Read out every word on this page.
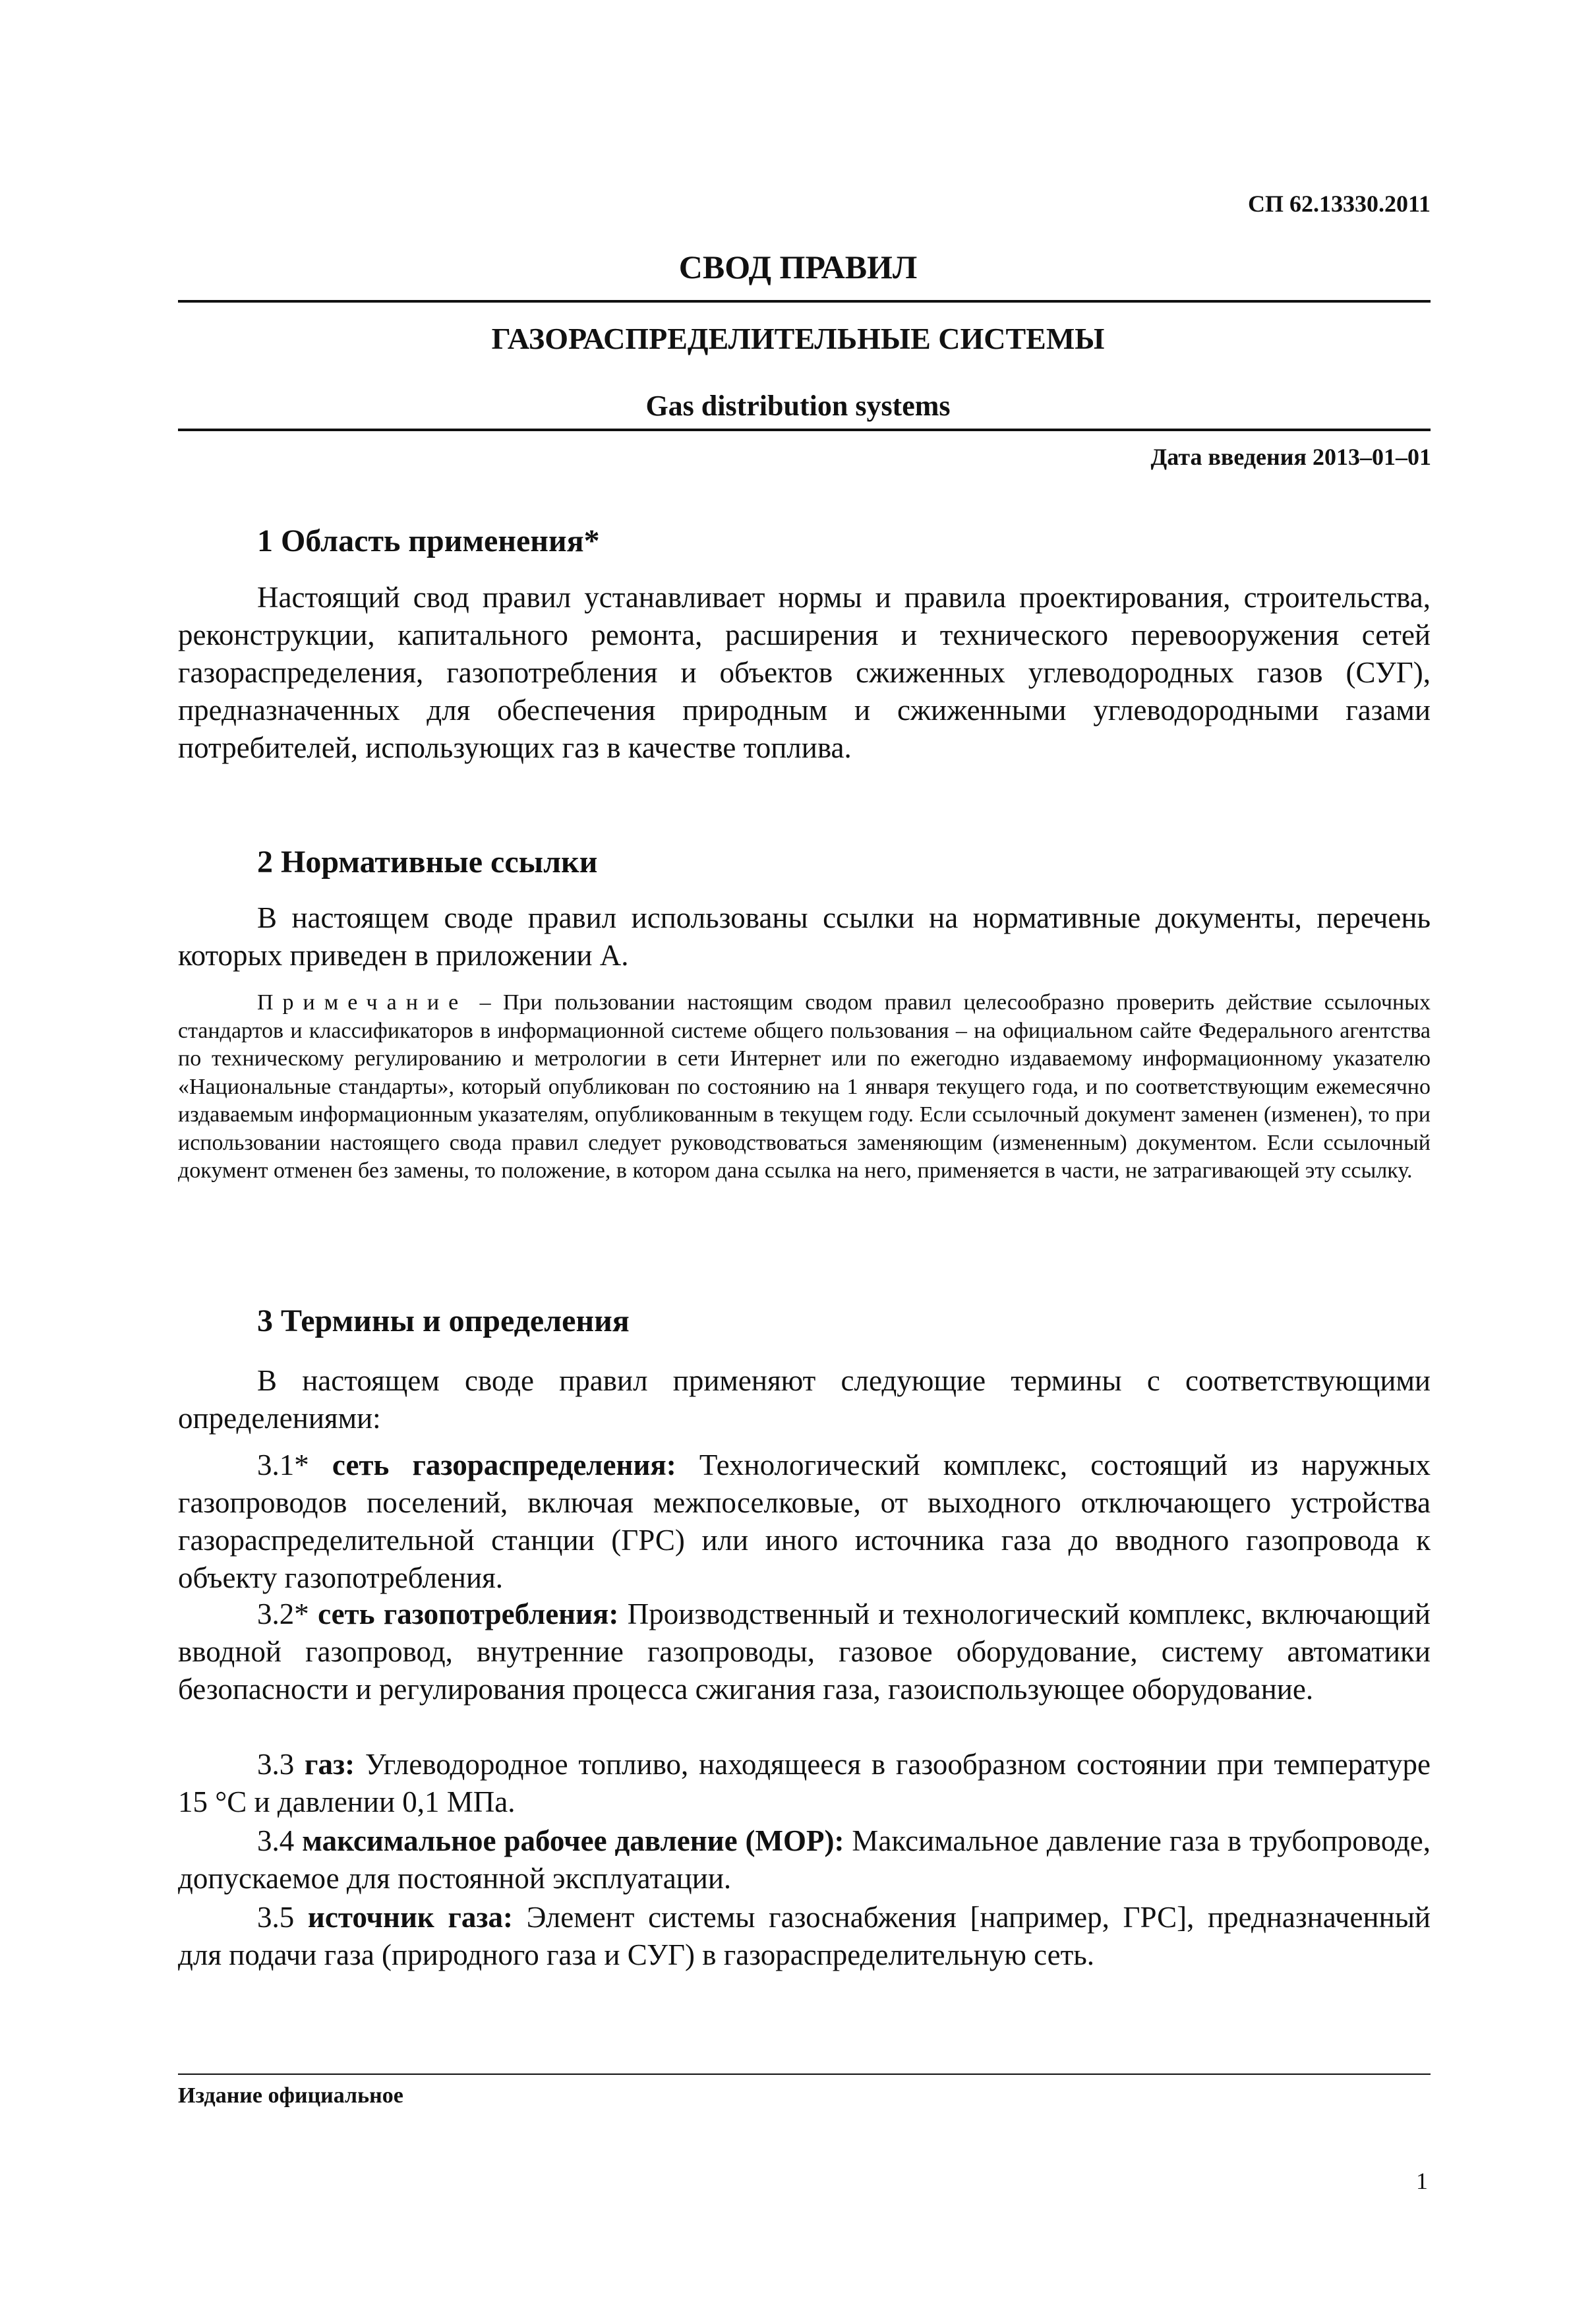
СП 62.13330.2011
СВОД ПРАВИЛ
ГАЗОРАСПРЕДЕЛИТЕЛЬНЫЕ СИСТЕМЫ
Gas distribution systems
Дата введения 2013–01–01
1 Область применения*

Настоящий свод правил устанавливает нормы и правила проектирования, строительства, реконструкции, капитального ремонта, расширения и технического перевооружения сетей газораспределения, газопотребления и объектов сжиженных углеводородных газов (СУГ), предназначенных для обеспечения природным и сжиженными углеводородными газами потребителей, использующих газ в качестве топлива.

2 Нормативные ссылки

В настоящем своде правил использованы ссылки на нормативные документы, перечень которых приведен в приложении А.

Примечание – При пользовании настоящим сводом правил целесообразно проверить действие ссылочных стандартов и классификаторов в информационной системе общего пользования – на официальном сайте Федерального агентства по техническому регулированию и метрологии в сети Интернет или по ежегодно издаваемому информационному указателю «Национальные стандарты», который опубликован по состоянию на 1 января текущего года, и по соответствующим ежемесячно издаваемым информационным указателям, опубликованным в текущем году. Если ссылочный документ заменен (изменен), то при использовании настоящего свода правил следует руководствоваться заменяющим (измененным) документом. Если ссылочный документ отменен без замены, то положение, в котором дана ссылка на него, применяется в части, не затрагивающей эту ссылку.

3 Термины и определения

В настоящем своде правил применяют следующие термины с соответствующими определениями:

3.1* сеть газораспределения: Технологический комплекс, состоящий из наружных газопроводов поселений, включая межпоселковые, от выходного отключающего устройства газораспределительной станции (ГРС) или иного источника газа до вводного газопровода к объекту газопотребления.

3.2* сеть газопотребления: Производственный и технологический комплекс, включающий вводной газопровод, внутренние газопроводы, газовое оборудование, систему автоматики безопасности и регулирования процесса сжигания газа, газоиспользующее оборудование.

3.3 газ: Углеводородное топливо, находящееся в газообразном состоянии при температуре 15 °С и давлении 0,1 МПа.

3.4 максимальное рабочее давление (МОР): Максимальное давление газа в трубопроводе, допускаемое для постоянной эксплуатации.

3.5 источник газа: Элемент системы газоснабжения [например, ГРС], предназначенный для подачи газа (природного газа и СУГ) в газораспределительную сеть.

Издание официальное
1
